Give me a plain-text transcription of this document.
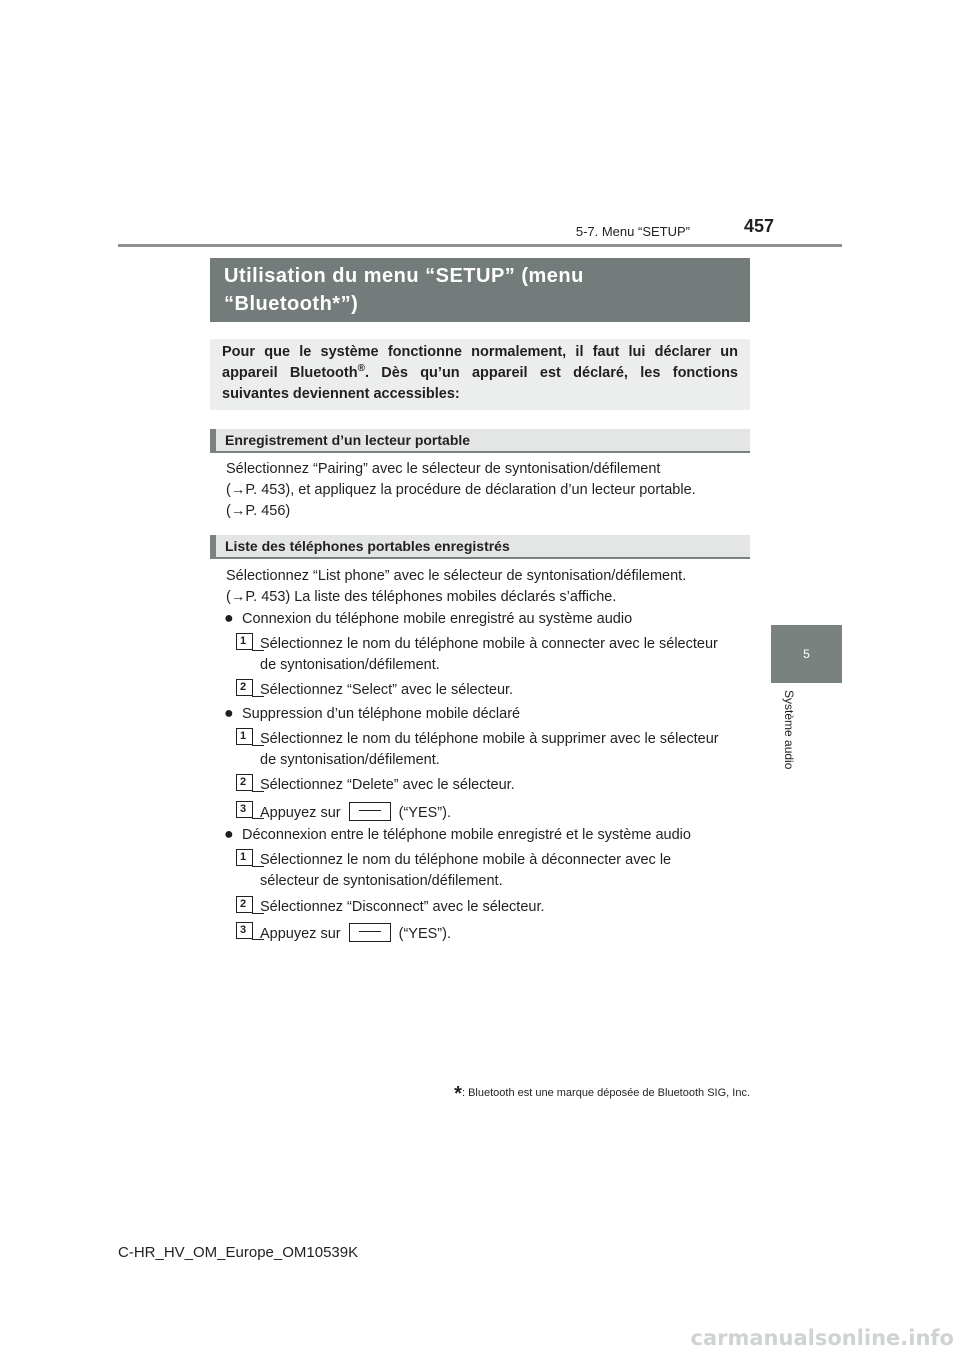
5-7. Menu “SETUP”	457
5
Système audio
Utilisation du menu “SETUP” (menu
“Bluetooth*”)
Pour que le système fonctionne normalement, il faut lui déclarer un appareil Bluetooth®. Dès qu’un appareil est déclaré, les fonctions suivantes deviennent accessibles:
Enregistrement d’un lecteur portable
Sélectionnez “Pairing” avec le sélecteur de syntonisation/défilement
(→P. 453), et appliquez la procédure de déclaration d’un lecteur portable.
(→P. 456)
Liste des téléphones portables enregistrés
Sélectionnez “List phone” avec le sélecteur de syntonisation/défilement.
(→P. 453) La liste des téléphones mobiles déclarés s’affiche.
● Connexion du téléphone mobile enregistré au système audio
1 Sélectionnez le nom du téléphone mobile à connecter avec le sélecteur
de syntonisation/défilement.
2 Sélectionnez “Select” avec le sélecteur.
● Suppression d’un téléphone mobile déclaré
1 Sélectionnez le nom du téléphone mobile à supprimer avec le sélecteur
de syntonisation/défilement.
2 Sélectionnez “Delete” avec le sélecteur.
3 Appuyez sur	(“YES”).
● Déconnexion entre le téléphone mobile enregistré et le système audio
1 Sélectionnez le nom du téléphone mobile à déconnecter avec le
sélecteur de syntonisation/défilement.
2 Sélectionnez “Disconnect” avec le sélecteur.
3 Appuyez sur	(“YES”).
*: Bluetooth est une marque déposée de Bluetooth SIG, Inc.
C-HR_HV_OM_Europe_OM10539K
carmanualsonline.info
